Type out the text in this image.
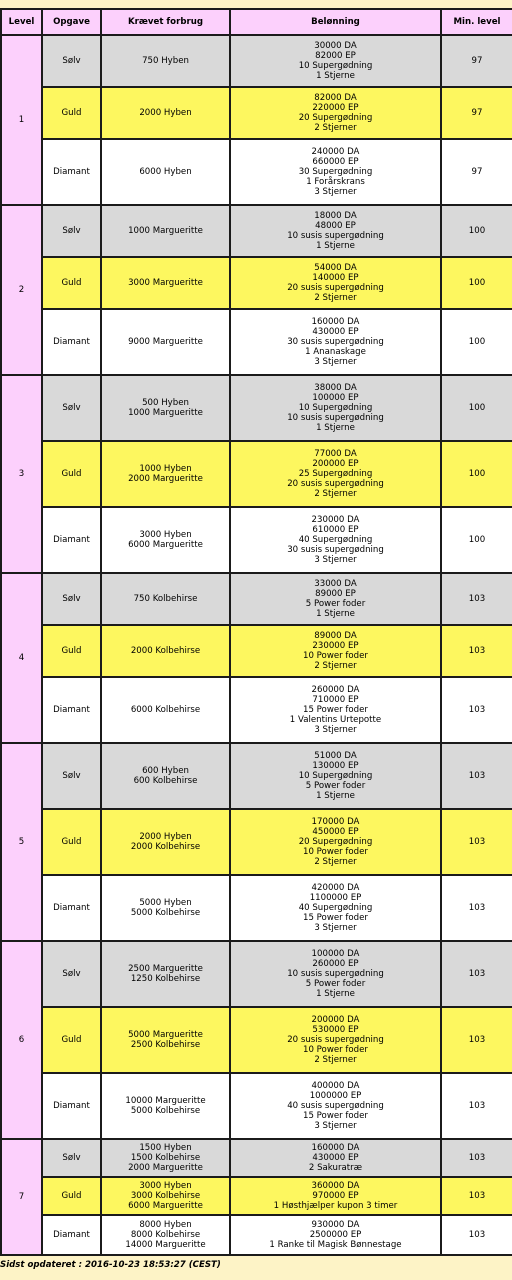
Level	Opgave	Krævet forbrug	Belønning	Min. level
1	Sølv	750 Hyben	30000 DA
82000 EP
10 Supergødning
1 Stjerne	97
	Guld	2000 Hyben	82000 DA
220000 EP
20 Supergødning
2 Stjerner	97
	Diamant	6000 Hyben	240000 DA
660000 EP
30 Supergødning
1 Forårskrans
3 Stjerner	97
2	Sølv	1000 Margueritte	18000 DA
48000 EP
10 susis supergødning
1 Stjerne	100
	Guld	3000 Margueritte	54000 DA
140000 EP
20 susis supergødning
2 Stjerner	100
	Diamant	9000 Margueritte	160000 DA
430000 EP
30 susis supergødning
1 Ananaskage
3 Stjerner	100
3	Sølv	500 Hyben
1000 Margueritte	38000 DA
100000 EP
10 Supergødning
10 susis supergødning
1 Stjerne	100
	Guld	1000 Hyben
2000 Margueritte	77000 DA
200000 EP
25 Supergødning
20 susis supergødning
2 Stjerner	100
	Diamant	3000 Hyben
6000 Margueritte	230000 DA
610000 EP
40 Supergødning
30 susis supergødning
3 Stjerner	100
4	Sølv	750 Kolbehirse	33000 DA
89000 EP
5 Power foder
1 Stjerne	103
	Guld	2000 Kolbehirse	89000 DA
230000 EP
10 Power foder
2 Stjerner	103
	Diamant	6000 Kolbehirse	260000 DA
710000 EP
15 Power foder
1 Valentins Urtepotte
3 Stjerner	103
5	Sølv	600 Hyben
600 Kolbehirse	51000 DA
130000 EP
10 Supergødning
5 Power foder
1 Stjerne	103
	Guld	2000 Hyben
2000 Kolbehirse	170000 DA
450000 EP
20 Supergødning
10 Power foder
2 Stjerner	103
	Diamant	5000 Hyben
5000 Kolbehirse	420000 DA
1100000 EP
40 Supergødning
15 Power foder
3 Stjerner	103
6	Sølv	2500 Margueritte
1250 Kolbehirse	100000 DA
260000 EP
10 susis supergødning
5 Power foder
1 Stjerne	103
	Guld	5000 Margueritte
2500 Kolbehirse	200000 DA
530000 EP
20 susis supergødning
10 Power foder
2 Stjerner	103
	Diamant	10000 Margueritte
5000 Kolbehirse	400000 DA
1000000 EP
40 susis supergødning
15 Power foder
3 Stjerner	103
7	Sølv	1500 Hyben
1500 Kolbehirse
2000 Margueritte	160000 DA
430000 EP
2 Sakuratræ	103
	Guld	3000 Hyben
3000 Kolbehirse
6000 Margueritte	360000 DA
970000 EP
1 Høsthjælper kupon 3 timer	103
	Diamant	8000 Hyben
8000 Kolbehirse
14000 Margueritte	930000 DA
2500000 EP
1 Ranke til Magisk Bønnestage	103
Sidst opdateret : 2016-10-23 18:53:27 (CEST)
